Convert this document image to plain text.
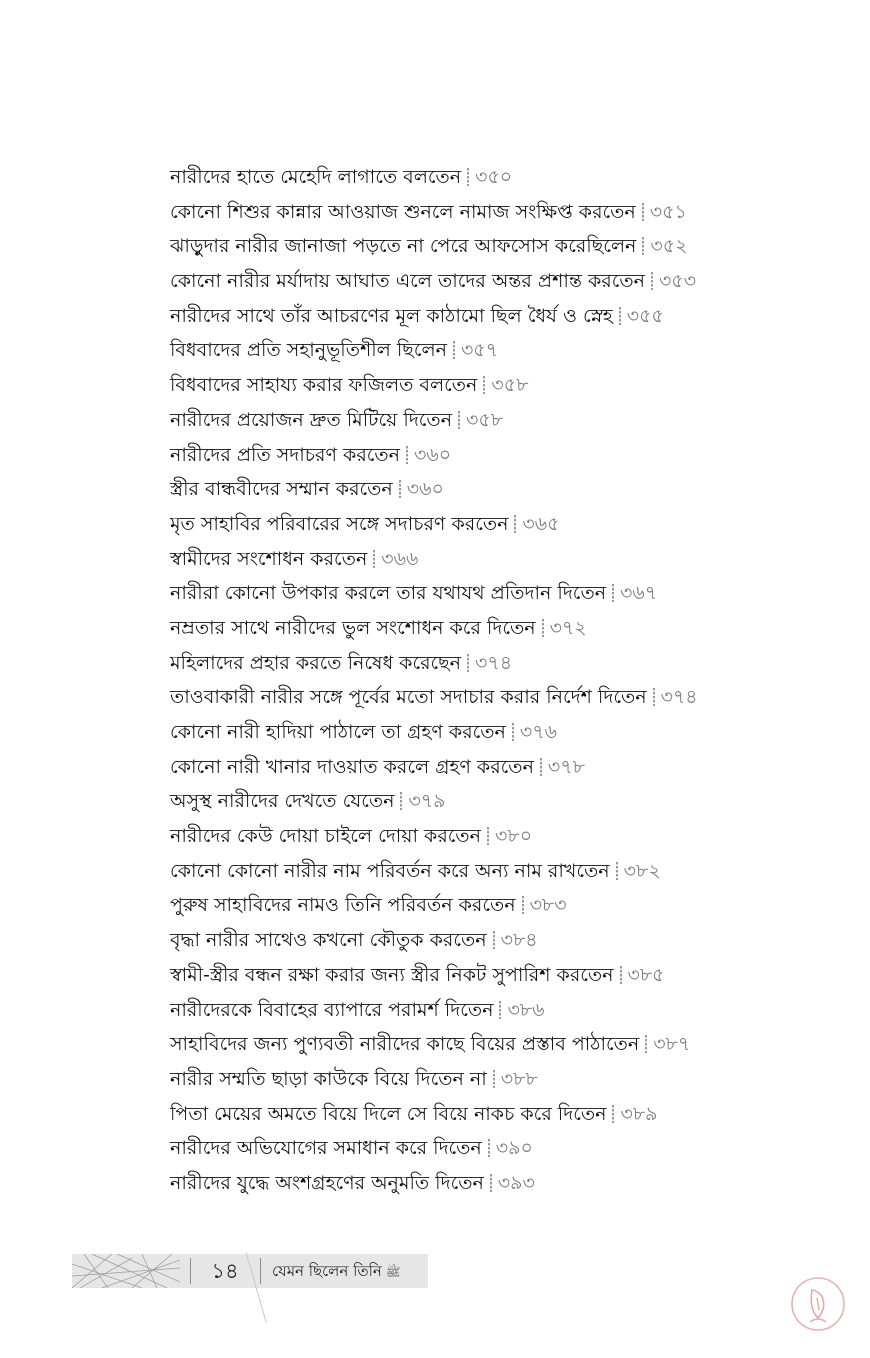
নারীদের হাতে মেহেদি লাগাতে বলতেন ৩৫০
কোনো শিশুর কান্নার আওয়াজ শুনলে নামাজ সংক্ষিপ্ত করতেন ৩৫১
ঝাড়ুদার নারীর জানাজা পড়তে না পেরে আফসোস করেছিলেন ৩৫২
কোনো নারীর মর্যাদায় আঘাত এলে তাদের অন্তর প্রশান্ত করতেন ৩৫৩
নারীদের সাথে তাঁর আচরণের মূল কাঠামো ছিল ধৈর্য ও স্নেহ ৩৫৫
বিধবাদের প্রতি সহানুভূতিশীল ছিলেন ৩৫৭
বিধবাদের সাহায্য করার ফজিলত বলতেন ৩৫৮
নারীদের প্রয়োজন দ্রুত মিটিয়ে দিতেন ৩৫৮
নারীদের প্রতি সদাচরণ করতেন ৩৬০
স্ত্রীর বান্ধবীদের সম্মান করতেন ৩৬০
মৃত সাহাবির পরিবারের সঙ্গে সদাচরণ করতেন ৩৬৫
স্বামীদের সংশোধন করতেন ৩৬৬
নারীরা কোনো উপকার করলে তার যথাযথ প্রতিদান দিতেন ৩৬৭
নম্রতার সাথে নারীদের ভুল সংশোধন করে দিতেন ৩৭২
মহিলাদের প্রহার করতে নিষেধ করেছেন ৩৭৪
তাওবাকারী নারীর সঙ্গে পূর্বের মতো সদাচার করার নির্দেশ দিতেন ৩৭৪
কোনো নারী হাদিয়া পাঠালে তা গ্রহণ করতেন ৩৭৬
কোনো নারী খানার দাওয়াত করলে গ্রহণ করতেন ৩৭৮
অসুস্থ নারীদের দেখতে যেতেন ৩৭৯
নারীদের কেউ দোয়া চাইলে দোয়া করতেন ৩৮০
কোনো কোনো নারীর নাম পরিবর্তন করে অন্য নাম রাখতেন ৩৮২
পুরুষ সাহাবিদের নামও তিনি পরিবর্তন করতেন ৩৮৩
বৃদ্ধা নারীর সাথেও কখনো কৌতুক করতেন ৩৮৪
স্বামী-স্ত্রীর বন্ধন রক্ষা করার জন্য স্ত্রীর নিকট সুপারিশ করতেন ৩৮৫
নারীদেরকে বিবাহের ব্যাপারে পরামর্শ দিতেন ৩৮৬
সাহাবিদের জন্য পুণ্যবতী নারীদের কাছে বিয়ের প্রস্তাব পাঠাতেন ৩৮৭
নারীর সম্মতি ছাড়া কাউকে বিয়ে দিতেন না ৩৮৮
পিতা মেয়ের অমতে বিয়ে দিলে সে বিয়ে নাকচ করে দিতেন ৩৮৯
নারীদের অভিযোগের সমাধান করে দিতেন ৩৯০
নারীদের যুদ্ধে অংশগ্রহণের অনুমতি দিতেন ৩৯৩
১৪	যেমন ছিলেন তিনি ﷺ
